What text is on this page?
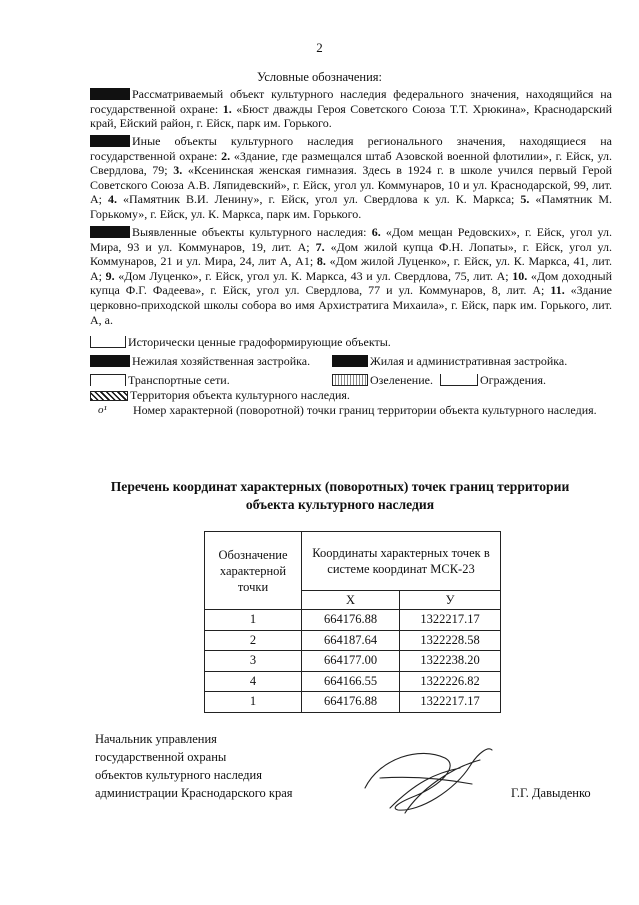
2
Условные обозначения:
Рассматриваемый объект культурного наследия федерального значения, находящийся на государственной охране: 1. «Бюст дважды Героя Советского Союза Т.Т. Хрюкина», Краснодарский край, Ейский район, г. Ейск, парк им. Горького.
Иные объекты культурного наследия регионального значения, находящиеся на государственной охране: 2. «Здание, где размещался штаб Азовской военной флотилии», г. Ейск, ул. Свердлова, 79; 3. «Ксенинская женская гимназия. Здесь в 1924 г. в школе учился первый Герой Советского Союза А.В. Ляпидевский», г. Ейск, угол ул. Коммунаров, 10 и ул. Краснодарской, 99, лит. А; 4. «Памятник В.И. Ленину», г. Ейск, угол ул. Свердлова к ул. К. Маркса; 5. «Памятник М. Горькому», г. Ейск, ул. К. Маркса, парк им. Горького.
Выявленные объекты культурного наследия: 6. «Дом мещан Редовских», г. Ейск, угол ул. Мира, 93 и ул. Коммунаров, 19, лит. А; 7. «Дом жилой купца Ф.Н. Лопаты», г. Ейск, угол ул. Коммунаров, 21 и ул. Мира, 24, лит А, А1; 8. «Дом жилой Луценко», г. Ейск, ул. К. Маркса, 41, лит. А; 9. «Дом Луценко», г. Ейск, угол ул. К. Маркса, 43 и ул. Свердлова, 75, лит. А; 10. «Дом доходный купца Ф.Г. Фадеева», г. Ейск, угол ул. Свердлова, 77 и ул. Коммунаров, 8, лит. А; 11. «Здание церковно-приходской школы собора во имя Архистратига Михаила», г. Ейск, парк им. Горького, лит. А, а.
Исторически ценные градоформирующие объекты.
Нежилая хозяйственная застройка.	Жилая и административная застройка.
Транспортные сети.	Озеленение.	Ограждения.
Территория объекта культурного наследия.
о¹ Номер характерной (поворотной) точки границ территории объекта культурного наследия.
Перечень координат характерных (поворотных) точек границ территории
объекта культурного наследия
Обозначение характерной точки	Координаты характерных точек в системе координат МСК-23	
	X	У
1	664176.88	1322217.17
2	664187.64	1322228.58
3	664177.00	1322238.20
4	664166.55	1322226.82
1	664176.88	1322217.17
Начальник управления
государственной охраны
объектов культурного наследия
администрации Краснодарского края	Г.Г. Давыденко
